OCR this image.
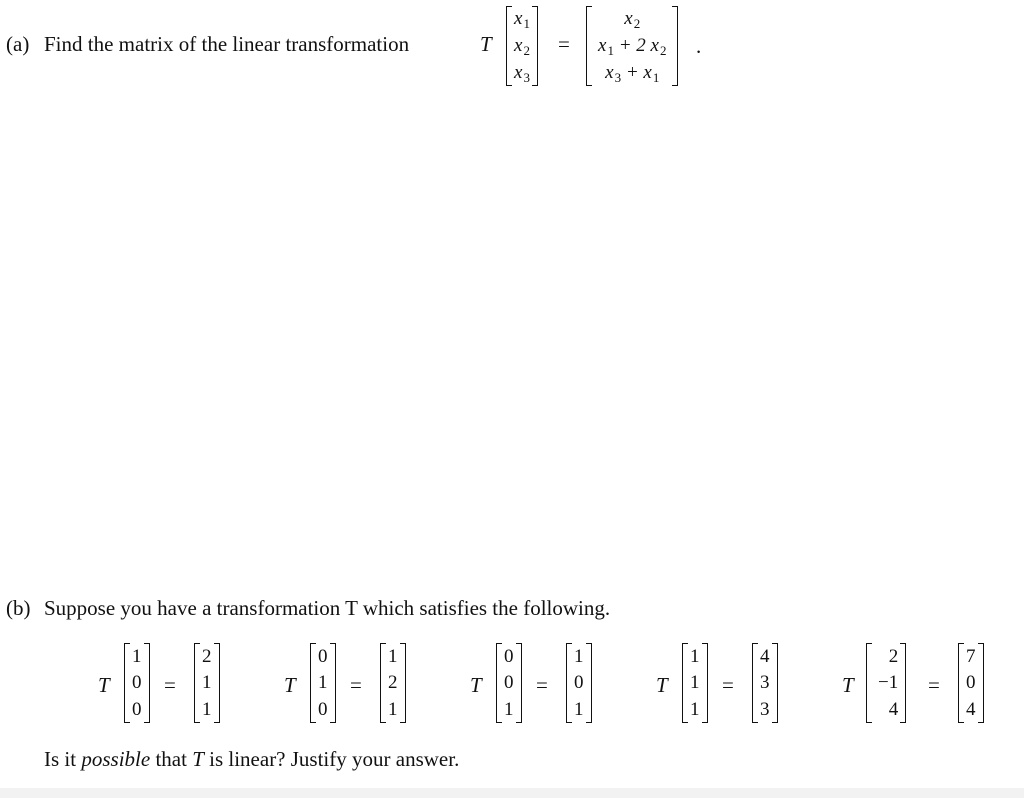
(a) Find the matrix of the linear transformation	T
$x_1$
$x_2$
$x_3$
=
$x_2$
$x_1 + 2$ $x_2$
$x_3 + x_1$
.
(b) Suppose you have a transformation T which satisfies the following.
T
1
0
0
=
2
1
1
T
0
1
0
=
1
2
1
T
0
0
1
=
1
0
1
T
1
1
1
=
4
3
3
T
2
−1
4
=
7
0
4
Is it possible that T is linear? Justify your answer.
